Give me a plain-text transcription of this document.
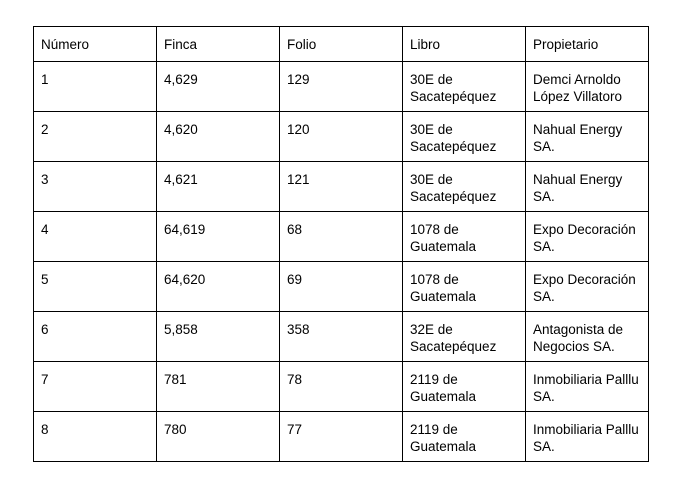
Número	Finca	Folio	Libro	Propietario
1	4,629	129	30E de Sacatepéquez	Demci Arnoldo López Villatoro
2	4,620	120	30E de Sacatepéquez	Nahual Energy SA.
3	4,621	121	30E de Sacatepéquez	Nahual Energy SA.
4	64,619	68	1078 de Guatemala	Expo Decoración SA.
5	64,620	69	1078 de Guatemala	Expo Decoración SA.
6	5,858	358	32E de Sacatepéquez	Antagonista de Negocios SA.
7	781	78	2119 de Guatemala	Inmobiliaria Palllu SA.
8	780	77	2119 de Guatemala	Inmobiliaria Palllu SA.
